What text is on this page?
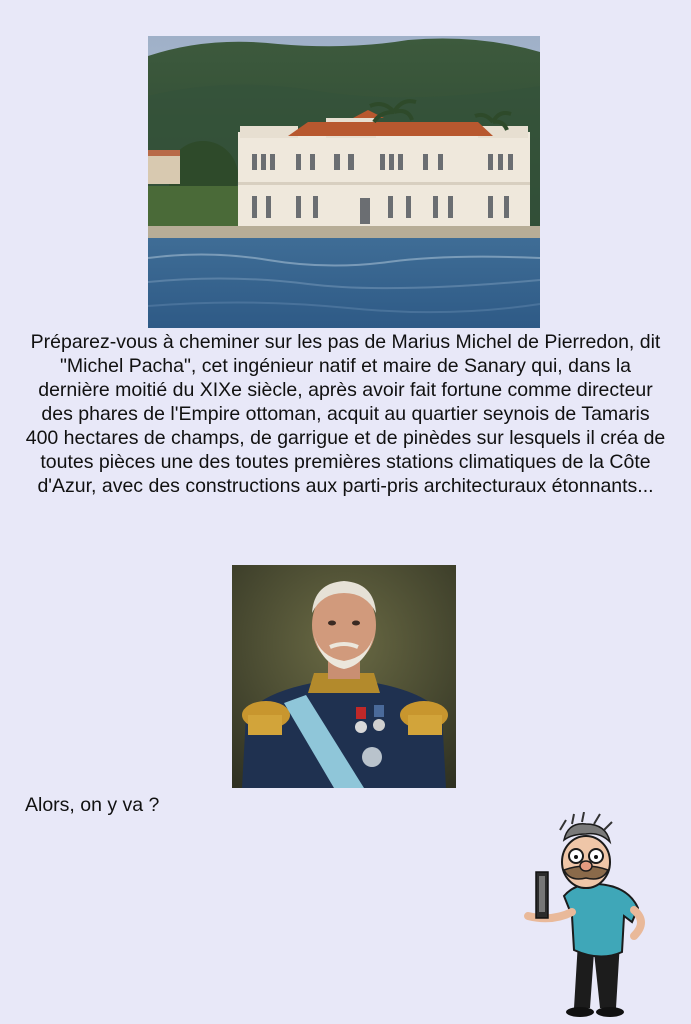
Préparez-vous à cheminer sur les pas de Marius Michel de Pierredon, dit "Michel Pacha", cet ingénieur natif et maire de Sanary qui, dans la dernière moitié du XIXe siècle, après avoir fait fortune comme directeur des phares de l'Empire ottoman, acquit au quartier seynois de Tamaris 400 hectares de champs, de garrigue et de pinèdes sur lesquels il créa de toutes pièces une des toutes premières stations climatiques de la Côte d'Azur, avec des constructions aux parti-pris architecturaux étonnants...

Alors, on y va ?
